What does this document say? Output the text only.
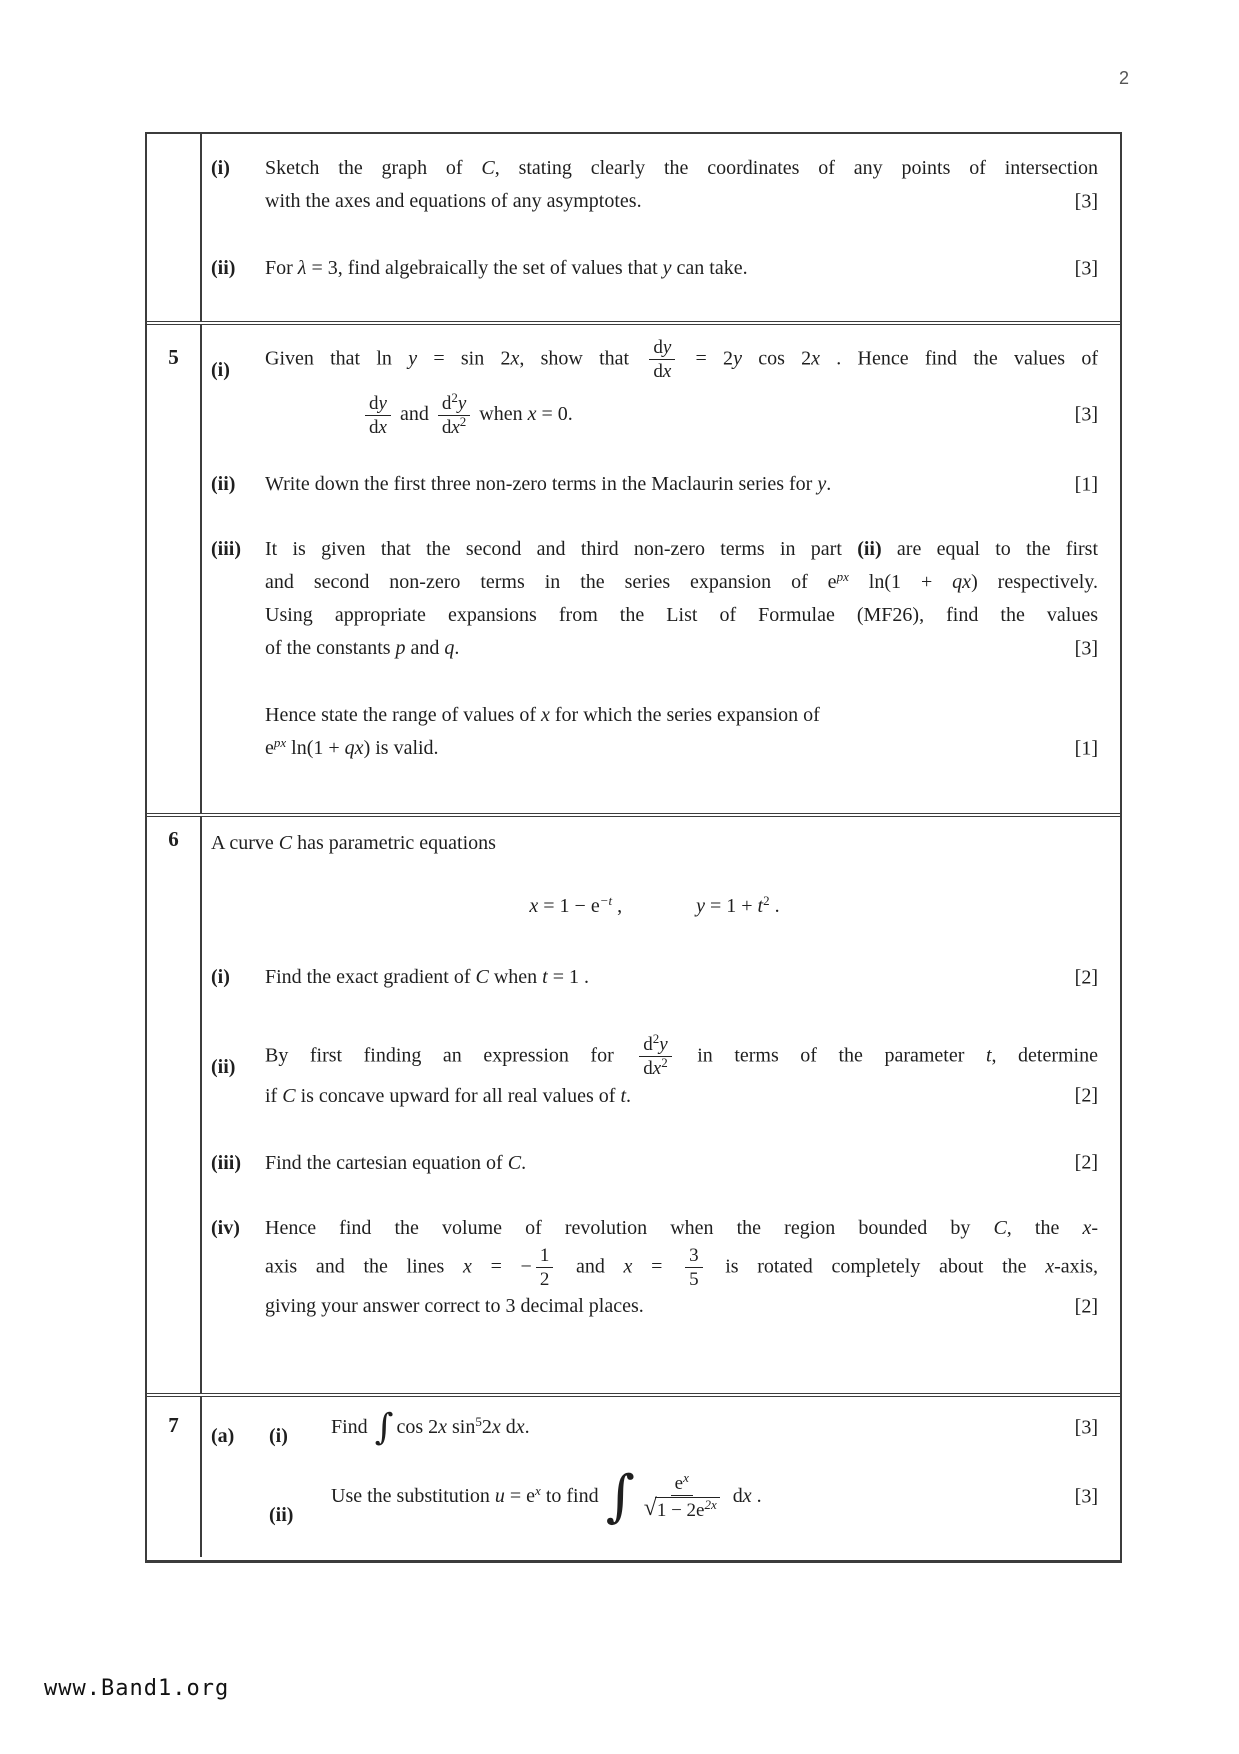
2
(i)	Sketch the graph of C, stating clearly the coordinates of any points of intersection
with the axes and equations of any asymptotes.	[3]
(ii)	For λ = 3, find algebraically the set of values that y can take.	[3]
5
(i)
Given that ln y = sin 2x, show that $\frac{dy}{dx} = 2y$ cos 2x . Hence find the values of
$\frac{dy}{dx}$ and $\frac{d^2y}{dx^2}$ when x = 0.	[3]
(ii)	Write down the first three non-zero terms in the Maclaurin series for y.	[1]
(iii)	It is given that the second and third non-zero terms in part (ii) are equal to the first
and second non-zero terms in the series expansion of $e^{px}$ ln(1 + qx) respectively.
Using appropriate expansions from the List of Formulae (MF26), find the values
of the constants p and q.	[3]
Hence state the range of values of x for which the series expansion of
$e^{px}$ ln(1 + qx) is valid.	[1]
6	A curve C has parametric equations
$x = 1 - e^{-t}$ ,	$y = 1 + t^2$ .
(i)	Find the exact gradient of C when t = 1 .	[2]
(ii)
By first finding an expression for $\frac{d^2y}{dx^2}$ in terms of the parameter t, determine
if C is concave upward for all real values of t.	[2]
(iii)	Find the cartesian equation of C.	[2]
(iv)	Hence find the volume of revolution when the region bounded by C, the x-
axis and the lines x = − $\frac{1}{2}$ and $x = \frac{3}{5}$ is rotated completely about the x-axis,
giving your answer correct to 3 decimal places.	[2]
7	(a)	(i)	Find ∫ cos 2x $\sin^52x$ dx.	[3]
(ii)
Use the substitution $u = e^x$ to find ∫ $\frac{e^x}{√ 1 - 2e^{2x}}$ dx .	[3]
www.Band1.org
